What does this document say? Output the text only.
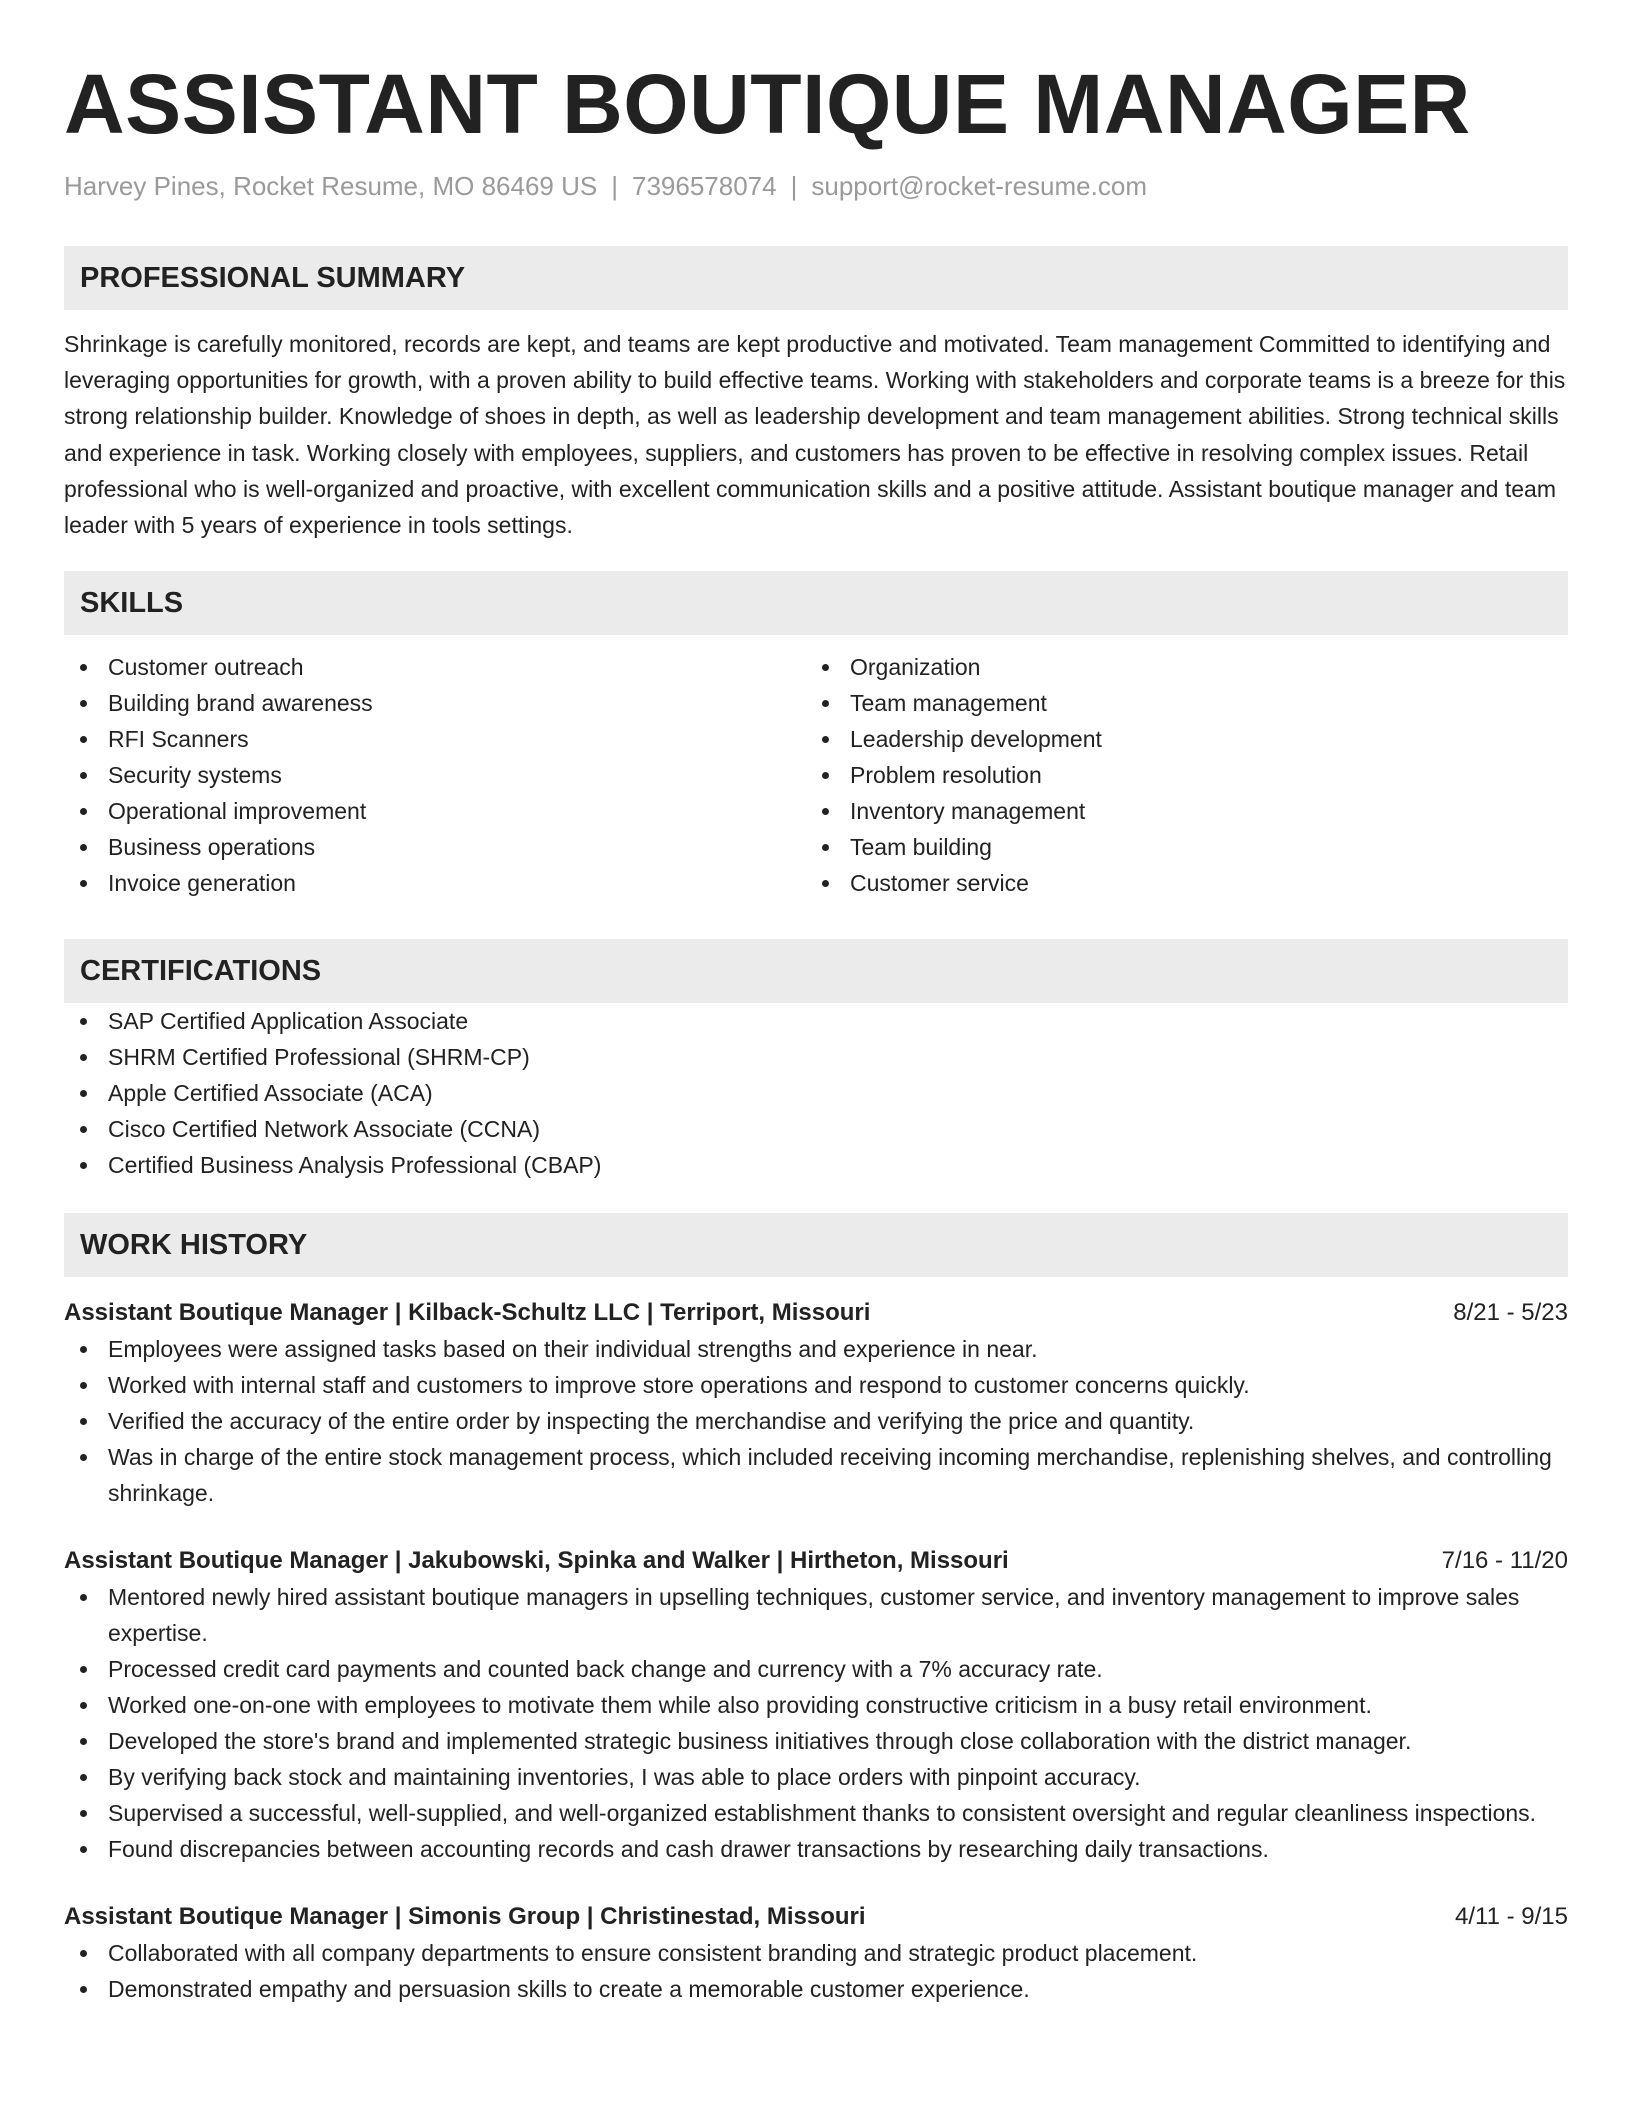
ASSISTANT BOUTIQUE MANAGER
Harvey Pines, Rocket Resume, MO 86469 US | 7396578074 | support@rocket-resume.com
PROFESSIONAL SUMMARY

Shrinkage is carefully monitored, records are kept, and teams are kept productive and motivated. Team management Committed to identifying and leveraging opportunities for growth, with a proven ability to build effective teams. Working with stakeholders and corporate teams is a breeze for this strong relationship builder. Knowledge of shoes in depth, as well as leadership development and team management abilities. Strong technical skills and experience in task. Working closely with employees, suppliers, and customers has proven to be effective in resolving complex issues. Retail professional who is well-organized and proactive, with excellent communication skills and a positive attitude. Assistant boutique manager and team leader with 5 years of experience in tools settings.

SKILLS
Customer outreach
Building brand awareness
RFI Scanners
Security systems
Operational improvement
Business operations
Invoice generation
Organization
Team management
Leadership development
Problem resolution
Inventory management
Team building
Customer service
CERTIFICATIONS
SAP Certified Application Associate
SHRM Certified Professional (SHRM-CP)
Apple Certified Associate (ACA)
Cisco Certified Network Associate (CCNA)
Certified Business Analysis Professional (CBAP)
WORK HISTORY
Assistant Boutique Manager | Kilback-Schultz LLC | Terriport, Missouri	8/21 - 5/23
Employees were assigned tasks based on their individual strengths and experience in near.
Worked with internal staff and customers to improve store operations and respond to customer concerns quickly.
Verified the accuracy of the entire order by inspecting the merchandise and verifying the price and quantity.
Was in charge of the entire stock management process, which included receiving incoming merchandise, replenishing shelves, and controlling shrinkage.
Assistant Boutique Manager | Jakubowski, Spinka and Walker | Hirtheton, Missouri	7/16 - 11/20
Mentored newly hired assistant boutique managers in upselling techniques, customer service, and inventory management to improve sales expertise.
Processed credit card payments and counted back change and currency with a 7% accuracy rate.
Worked one-on-one with employees to motivate them while also providing constructive criticism in a busy retail environment.
Developed the store's brand and implemented strategic business initiatives through close collaboration with the district manager.
By verifying back stock and maintaining inventories, I was able to place orders with pinpoint accuracy.
Supervised a successful, well-supplied, and well-organized establishment thanks to consistent oversight and regular cleanliness inspections.
Found discrepancies between accounting records and cash drawer transactions by researching daily transactions.
Assistant Boutique Manager | Simonis Group | Christinestad, Missouri	4/11 - 9/15
Collaborated with all company departments to ensure consistent branding and strategic product placement.
Demonstrated empathy and persuasion skills to create a memorable customer experience.
